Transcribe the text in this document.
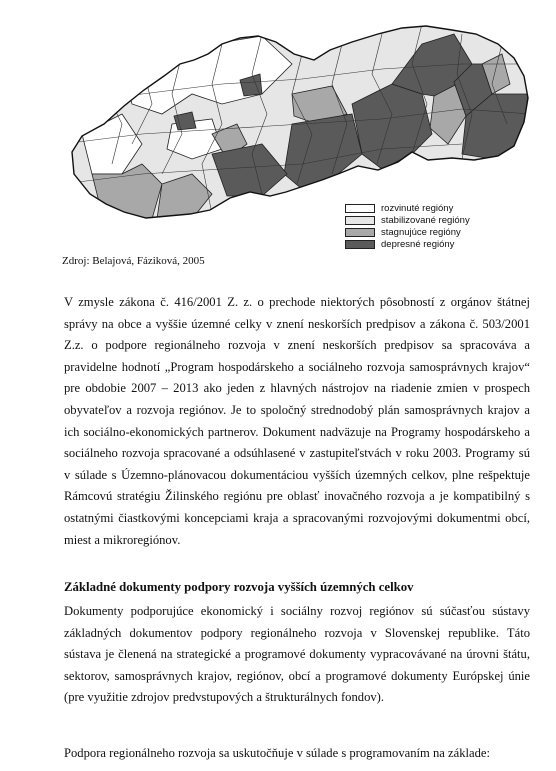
rozvinuté regióny
stabilizované regióny
stagnujúce regióny
depresné regióny
Zdroj: Belajová, Fáziková, 2005

V zmysle zákona č. 416/2001 Z. z. o prechode niektorých pôsobností z orgánov štátnej správy na obce a vyššie územné celky v znení neskorších predpisov a zákona č. 503/2001 Z.z. o podpore regionálneho rozvoja v znení neskorších predpisov sa spracováva a pravidelne hodnotí „Program hospodárskeho a sociálneho rozvoja samosprávnych krajov“ pre obdobie 2007 – 2013 ako jeden z hlavných nástrojov na riadenie zmien v prospech obyvateľov a rozvoja regiónov. Je to spoločný strednodobý plán samosprávnych krajov a ich sociálno-ekonomických partnerov. Dokument nadväzuje na Programy hospodárskeho a sociálneho rozvoja spracované a odsúhlasené v zastupiteľstvách v roku 2003. Programy sú v súlade s Územno-plánovacou dokumentáciou vyšších územných celkov, plne rešpektuje Rámcovú stratégiu Žilinského regiónu pre oblasť inovačného rozvoja a je kompatibilný s ostatnými čiastkovými koncepciami kraja a spracovanými rozvojovými dokumentmi obcí, miest a mikroregiónov.

Základné dokumenty podpory rozvoja vyšších územných celkov

Dokumenty podporujúce ekonomický i sociálny rozvoj regiónov sú súčasťou sústavy základných dokumentov podpory regionálneho rozvoja v Slovenskej republike. Táto sústava je členená na strategické a programové dokumenty vypracovávané na úrovni štátu, sektorov, samosprávnych krajov, regiónov, obcí a programové dokumenty Európskej únie (pre využitie zdrojov predvstupových a štrukturálnych fondov).

Podpora regionálneho rozvoja sa uskutočňuje v súlade s programovaním na základe:
